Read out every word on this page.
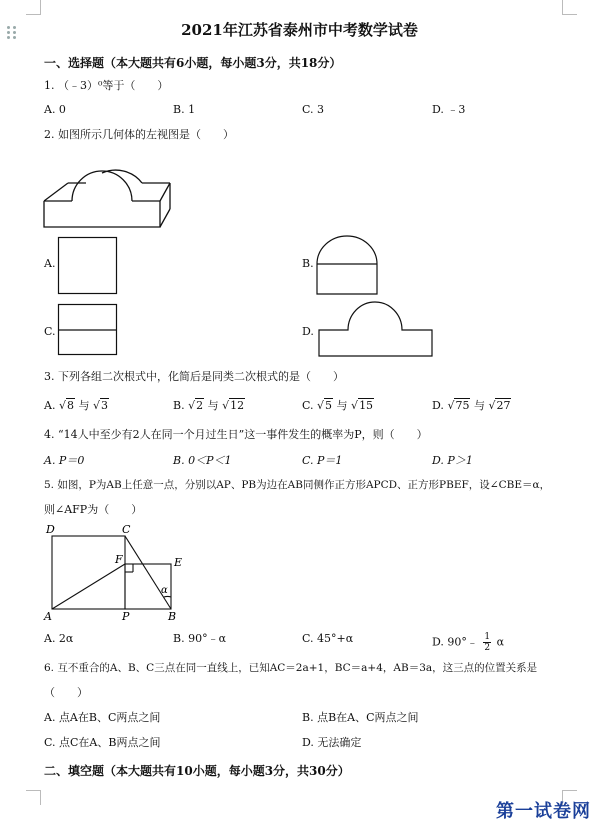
2021年江苏省泰州市中考数学试卷
一、选择题（本大题共有6小题，每小题3分，共18分）
1. （﹣3）⁰等于（　　）
A. 0	B. 1	C. 3	D. ﹣3
2. 如图所示几何体的左视图是（　　）
A.	B.
C.	D.
3. 下列各组二次根式中，化简后是同类二次根式的是（　　）
A. √8 与 √3	B. √2 与 √12	C. √5 与 √15	D. √75 与 √27
4. “14人中至少有2人在同一个月过生日”这一事件发生的概率为P，则（　　）
A. P＝0	B. 0＜P＜1	C. P＝1	D. P＞1
5. 如图，P为AB上任意一点，分别以AP、PB为边在AB同侧作正方形APCD、正方形PBEF，设∠CBE＝α，
则∠AFP为（　　）
D	C
F	E
A	P	B
α
A. 2α	B. 90°﹣α	C. 45°+α	D. 90°﹣ $\frac{1}{2}$ α
6. 互不重合的A、B、C三点在同一直线上，已知AC＝2a+1，BC＝a+4，AB＝3a，这三点的位置关系是
（　　）
A. 点A在B、C两点之间	B. 点B在A、C两点之间
C. 点C在A、B两点之间	D. 无法确定
二、填空题（本大题共有10小题，每小题3分，共30分）
第一试卷网
